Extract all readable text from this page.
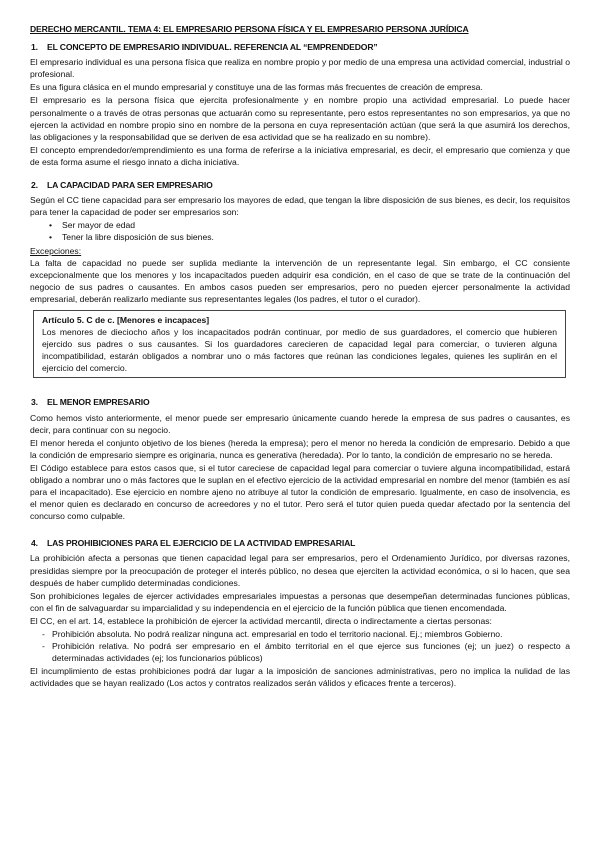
DERECHO MERCANTIL. TEMA 4: EL EMPRESARIO PERSONA FÍSICA Y EL EMPRESARIO PERSONA JURÍDICA
1. EL CONCEPTO DE EMPRESARIO INDIVIDUAL. REFERENCIA AL “EMPRENDEDOR”
El empresario individual es una persona física que realiza en nombre propio y por medio de una empresa una actividad comercial, industrial o profesional.
Es una figura clásica en el mundo empresarial y constituye una de las formas más frecuentes de creación de empresa.
El empresario es la persona física que ejercita profesionalmente y en nombre propio una actividad empresarial. Lo puede hacer personalmente o a través de otras personas que actuarán como su representante, pero estos representantes no son empresarios, ya que no ejercen la actividad en nombre propio sino en nombre de la persona en cuya representación actúan (que será la que asumirá los derechos, las obligaciones y la responsabilidad que se deriven de esa actividad que se ha realizado en su nombre).
El concepto emprendedor/emprendimiento es una forma de referirse a la iniciativa empresarial, es decir, el empresario que comienza y que de esta forma asume el riesgo innato a dicha iniciativa.
2. LA CAPACIDAD PARA SER EMPRESARIO
Según el CC tiene capacidad para ser empresario los mayores de edad, que tengan la libre disposición de sus bienes, es decir, los requisitos para tener la capacidad de poder ser empresarios son:
• Ser mayor de edad
• Tener la libre disposición de sus bienes.
Excepciones:
La falta de capacidad no puede ser suplida mediante la intervención de un representante legal. Sin embargo, el CC consiente excepcionalmente que los menores y los incapacitados pueden adquirir esa condición, en el caso de que se trate de la continuación del negocio de sus padres o causantes. En ambos casos pueden ser empresarios, pero no pueden ejercer personalmente la actividad empresarial, deberán realizarlo mediante sus representantes legales (los padres, el tutor o el curador).
Artículo 5. C de c. [Menores e incapaces]
Los menores de dieciocho años y los incapacitados podrán continuar, por medio de sus guardadores, el comercio que hubieren ejercido sus padres o sus causantes. Si los guardadores carecieren de capacidad legal para comerciar, o tuvieren alguna incompatibilidad, estarán obligados a nombrar uno o más factores que reúnan las condiciones legales, quienes les suplirán en el ejercicio del comercio.
3. EL MENOR EMPRESARIO
Como hemos visto anteriormente, el menor puede ser empresario únicamente cuando herede la empresa de sus padres o causantes, es decir, para continuar con su negocio.
El menor hereda el conjunto objetivo de los bienes (hereda la empresa); pero el menor no hereda la condición de empresario. Debido a que la condición de empresario siempre es originaria, nunca es generativa (heredada). Por lo tanto, la condición de empresario no se hereda.
El Código establece para estos casos que, si el tutor careciese de capacidad legal para comerciar o tuviere alguna incompatibilidad, estará obligado a nombrar uno o más factores que le suplan en el efectivo ejercicio de la actividad empresarial en nombre del menor (también es así para el incapacitado). Ese ejercicio en nombre ajeno no atribuye al tutor la condición de empresario. Igualmente, en caso de insolvencia, es el menor quien es declarado en concurso de acreedores y no el tutor. Pero será el tutor quien pueda quedar afectado por la sentencia del concurso como culpable.
4. LAS PROHIBICIONES PARA EL EJERCICIO DE LA ACTIVIDAD EMPRESARIAL
La prohibición afecta a personas que tienen capacidad legal para ser empresarios, pero el Ordenamiento Jurídico, por diversas razones, presididas siempre por la preocupación de proteger el interés público, no desea que ejerciten la actividad económica, o si lo hacen, que sea después de haber cumplido determinadas condiciones.
Son prohibiciones legales de ejercer actividades empresariales impuestas a personas que desempeñan determinadas funciones públicas, con el fin de salvaguardar su imparcialidad y su independencia en el ejercicio de la función pública que tienen encomendada.
El CC, en el art. 14, establece la prohibición de ejercer la actividad mercantil, directa o indirectamente a ciertas personas:
- Prohibición absoluta. No podrá realizar ninguna act. empresarial en todo el territorio nacional. Ej.; miembros Gobierno.
- Prohibición relativa. No podrá ser empresario en el ámbito territorial en el que ejerce sus funciones (ej; un juez) o respecto a determinadas actividades (ej; los funcionarios públicos)
El incumplimiento de estas prohibiciones podrá dar lugar a la imposición de sanciones administrativas, pero no implica la nulidad de las actividades que se hayan realizado (Los actos y contratos realizados serán válidos y eficaces frente a terceros).
